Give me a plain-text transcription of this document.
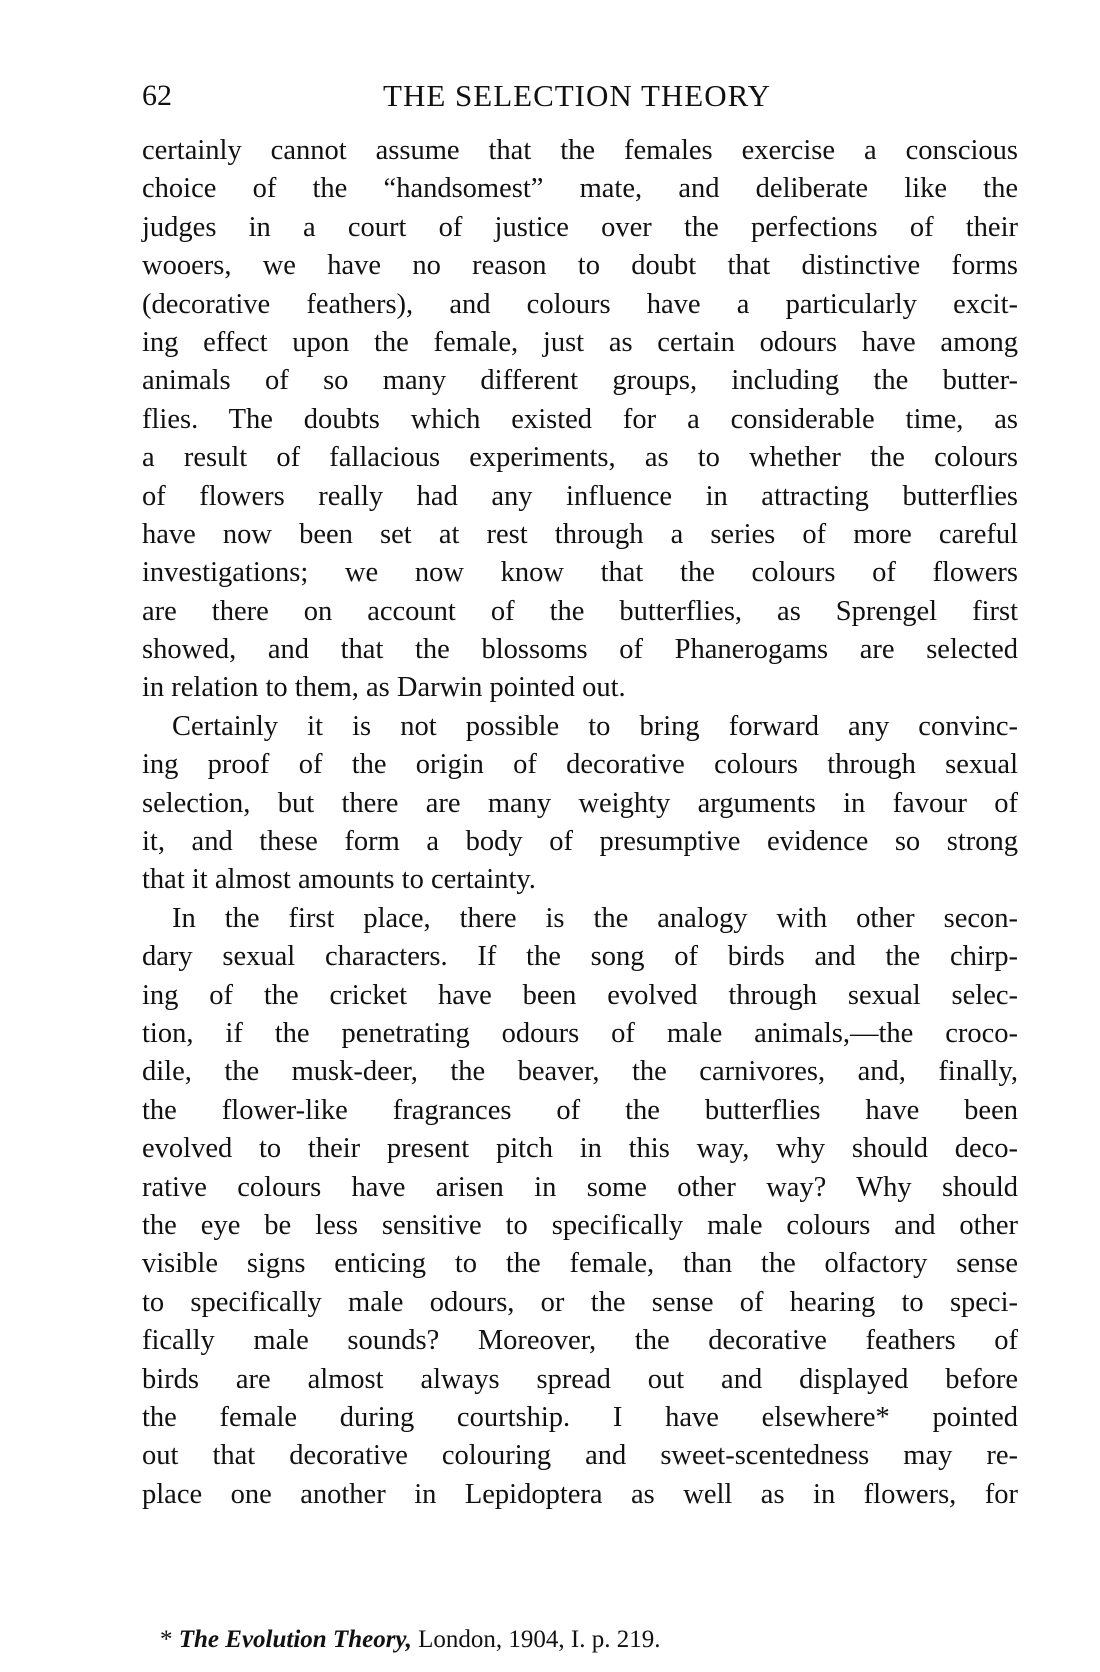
62	THE SELECTION THEORY
certainly cannot assume that the females exercise a conscious
choice of the “handsomest” mate, and deliberate like the
judges in a court of justice over the perfections of their
wooers, we have no reason to doubt that distinctive forms
(decorative feathers), and colours have a particularly excit-
ing effect upon the female, just as certain odours have among
animals of so many different groups, including the butter-
flies. The doubts which existed for a considerable time, as
a result of fallacious experiments, as to whether the colours
of flowers really had any influence in attracting butterflies
have now been set at rest through a series of more careful
investigations; we now know that the colours of flowers
are there on account of the butterflies, as Sprengel first
showed, and that the blossoms of Phanerogams are selected
in relation to them, as Darwin pointed out.
Certainly it is not possible to bring forward any convinc-
ing proof of the origin of decorative colours through sexual
selection, but there are many weighty arguments in favour of
it, and these form a body of presumptive evidence so strong
that it almost amounts to certainty.
In the first place, there is the analogy with other secon-
dary sexual characters. If the song of birds and the chirp-
ing of the cricket have been evolved through sexual selec-
tion, if the penetrating odours of male animals,—the croco-
dile, the musk-deer, the beaver, the carnivores, and, finally,
the flower-like fragrances of the butterflies have been
evolved to their present pitch in this way, why should deco-
rative colours have arisen in some other way? Why should
the eye be less sensitive to specifically male colours and other
visible signs enticing to the female, than the olfactory sense
to specifically male odours, or the sense of hearing to speci-
fically male sounds? Moreover, the decorative feathers of
birds are almost always spread out and displayed before
the female during courtship. I have elsewhere* pointed
out that decorative colouring and sweet-scentedness may re-
place one another in Lepidoptera as well as in flowers, for
* The Evolution Theory, London, 1904, I. p. 219.
